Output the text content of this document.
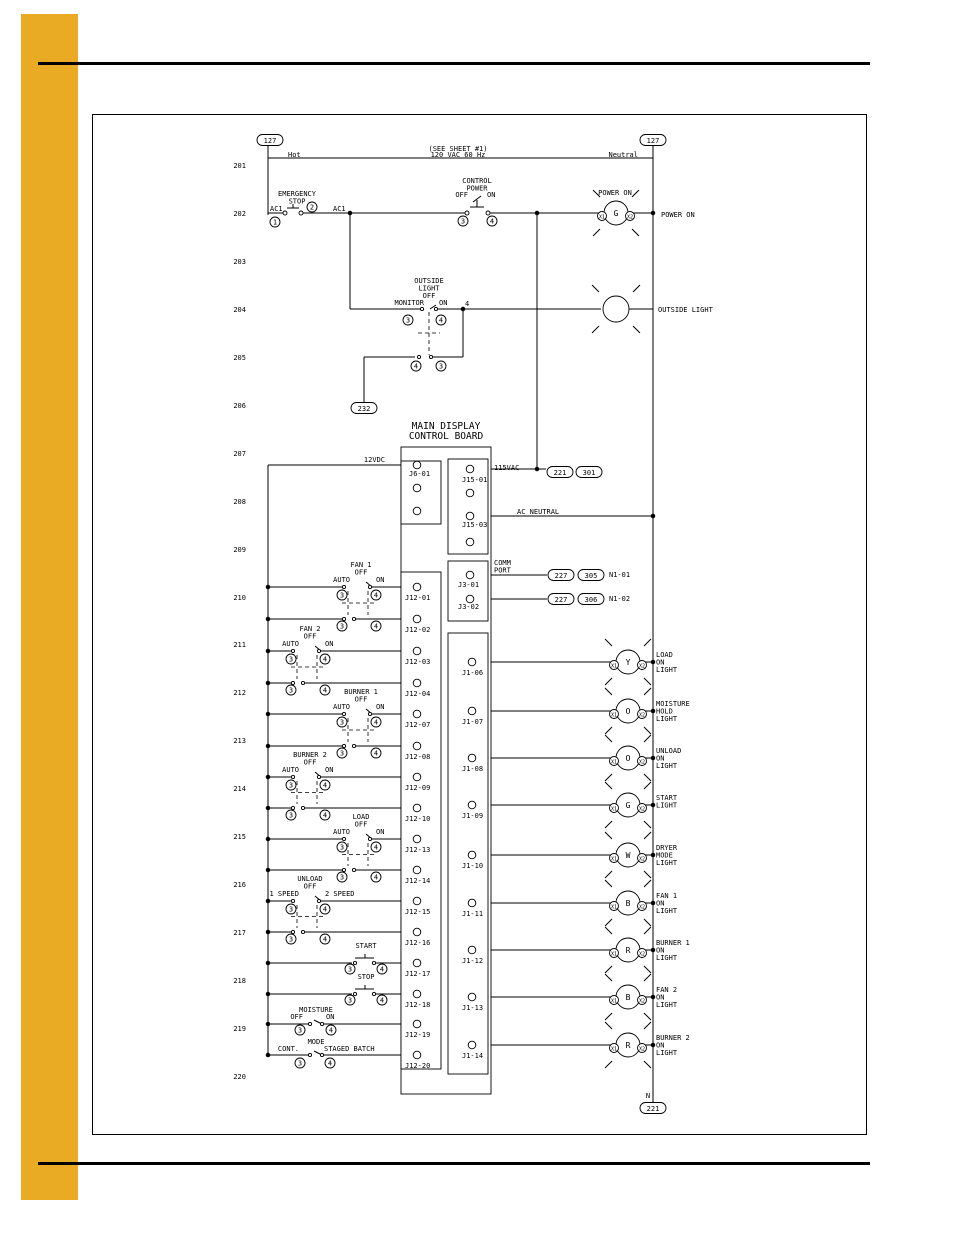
127	127
Hot	Neutral
(SEE SHEET #1)
120 VAC 60 Hz
201
202
203
204
205
206
207
208
209
210
211
212
213
214
215
216
217
218
219
220
EMERGENCY STOP
AC1	AC1
1
2
CONTROL POWER
OFF	ON
3	4
G
X1	X2
POWER ON
POWER ON
4
OUTSIDE LIGHT OFF
MONITOR ON
3	4
OUTSIDE LIGHT
4	3
232
MAIN DISPLAY CONTROL BOARD
12VDC
J6-01
J15-01
115VAC
221 301
J15-03
AC NEUTRAL
COMM PORT
J3-01
J3-02
227 305 N1-01
227 306 N1-02
J12-01
J12-02
J12-03
J12-04
J12-07
J12-08
J12-09
J12-10
J12-13
J12-14
J12-15
J12-16
J12-17
J12-18
J12-19
J12-20
FAN 1 OFF
AUTO	ON
3	4
3	4
FAN 2 OFF
AUTO	ON
3	4
3	4 BURNER 1 OFF
AUTO	ON
3	4
3	4
BURNER 2 OFF
AUTO	ON
3	4
3	4	LOAD OFF
AUTO	ON
3	4
3	4
UNLOAD OFF
1 SPEED	2 SPEED
3	4
3	4
START
3	4
STOP
3	4
MOISTURE
OFF	ON
3	4
MODE
CONT.	STAGED BATCH
3	4
J1-06
Y
X1	X2
LOAD ON LIGHT
J1-07
O
X1	X2
MOISTURE HOLD LIGHT
J1-08
O
X1	X2
UNLOAD ON LIGHT
J1-09
G
X1	X2
START LIGHT
J1-10
W
X1	X2
DRYER MODE LIGHT
J1-11
B
X1	X2
FAN 1 ON LIGHT
J1-12
R
X1	X2
BURNER 1 ON LIGHT
J1-13
B
X1	X2
FAN 2 ON LIGHT
J1-14
R
X1	X2
BURNER 2 ON LIGHT
N
221
